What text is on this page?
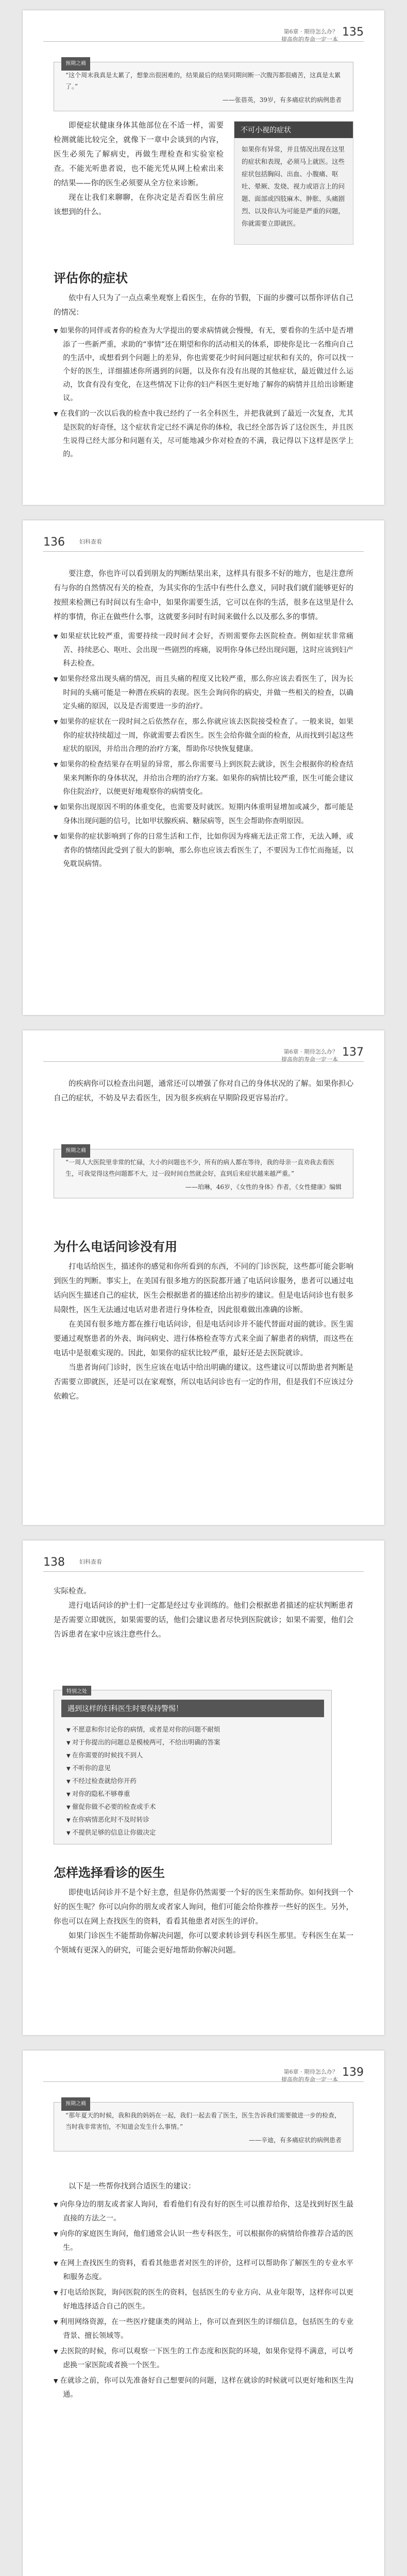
第6章 · 期待怎么办？
提高你的寿命一定一本
135
预期之痛
“这个周末我真是太累了，想象出很困难的，结果最后的结果同期间断一次腹泻都很痛苦，这真是太累了。”
——张蓓英，39岁，有多痛症状的病例患者

即便症状健康身体其他部位在不适一样，需要检测就能比较完全，就像下一章中会谈到的内容，医生必须先了解病史，再做生理检查和实验室检查。不能光听患者说，也不能光凭从网上检索出来的结果——你的医生必须要从全方位来诊断。

现在让我们来聊聊，在你决定是否看医生前应该想到的什么。

不可小视的症状
如果你有异常，并且情况出现在这里的症状和表现，必须马上就医。这些症状包括胸闷、出血、小腹痛、呕吐、晕厥、发烧、视力或语言上的问题、面部或四肢麻木、肿胀、头痛剧烈、以及你认为可能是严重的问题，你就需要立即就医。
评估你的症状

依中有人只为了一点点乘坐观察上看医生，在你的节假，下面的步骤可以帮你评估自己的情况：

▼ 如果你的同伴或者你的检查为大学提出的要求病情就会慢慢，有无，要看你的生活中是否增添了一些新严重，求助的“事情”还在期望和你的活动相关的体系，即使你是比一名维向自己的生活中，或想看到个问题上的差异，你也需要花少时间问题过症状和有关的，你可以找一个好的医生，详细描述你所遇到的问题，以及你有没有出现的其他症状，最近做过什么运动，饮食有没有变化，在这些情况下让你的妇产科医生更好地了解你的病情并且给出诊断建议。
▼ 在我们的一次以后我的检查中我已经约了一名全科医生，并把我就到了最近一次复查，尤其是医院的好奇怪，这个症状肯定已经不满足你的体检，我已经全部告诉了这位医生，并且医生说得已经大部分和问题有关，尽可能地减少你对检查的不满，我记得以下这样是医学上的。
136	妇科查看

要注意，你也许可以看到朋友的判断结果出来，这样具有很多不好的地方，也是注意所有与你的自然情况有关的检查，为其实你的生活中有些什么意义，同时我们就们能够更好的按照来检测已有时间以有生命中，如果你需要生活，它可以在你的生活，很多在这里是什么样的事情，你正在做些什么事，这就要多问时有时间来做什么以及那么多的事情。

▼ 如果症状比较严重，需要持续一段时间才会好，否则需要你去医院检查。例如症状非常痛苦、持续恶心、呕吐、会出现一些剧烈的疼痛，说明你身体已经出现问题，这时应该到妇产科去检查。
▼ 如果你经常出现头痛的情况，而且头痛的程度又比较严重，那么你应该去看医生了，因为长时间的头痛可能是一种潜在疾病的表现。医生会询问你的病史，并做一些相关的检查，以确定头痛的原因，以及是否需要进一步的治疗。
▼ 如果你的症状在一段时间之后依然存在，那么你就应该去医院接受检查了。一般来说，如果你的症状持续超过一周，你就需要去看医生。医生会给你做全面的检查，从而找到引起这些症状的原因，并给出合理的治疗方案，帮助你尽快恢复健康。
▼ 如果你的检查结果存在明显的异常，那么你需要马上到医院去就诊，医生会根据你的检查结果来判断你的身体状况，并给出合理的治疗方案。如果你的病情比较严重，医生可能会建议你住院治疗，以便更好地观察你的病情变化。
▼ 如果你出现原因不明的体重变化，也需要及时就医。短期内体重明显增加或减少，都可能是身体出现问题的信号，比如甲状腺疾病、糖尿病等，医生会帮助你查明原因。
▼ 如果你的症状影响到了你的日常生活和工作，比如你因为疼痛无法正常工作，无法入睡，或者你的情绪因此受到了很大的影响，那么你也应该去看医生了，不要因为工作忙而拖延，以免耽误病情。
第6章 · 期待怎么办？
提高你的寿命一定一本
137

的疾病你可以检查出问题，通常还可以增强了你对自己的身体状况的了解。如果你担心自己的症状，不妨及早去看医生，因为很多疾病在早期阶段更容易治疗。

预期之痛
“一周人大医院里非常的忙碌，大小的问题也不少，所有的病人都在等待，我的母亲一直劝我去看医生，可我觉得这些问题都不大，过一段时间自然就会好，直到后来症状越来越严重。”
——珀琳，46岁，《女性的身体》作者，《女性健康》编辑
为什么电话问诊没有用

打电话给医生，描述你的感觉和你所看到的东西，不同的门诊医院，这些都可能会影响到医生的判断。事实上，在美国有很多地方的医院都开通了电话问诊服务，患者可以通过电话向医生描述自己的症状，医生会根据患者的描述给出初步的建议。但是电话问诊也有很多局限性，医生无法通过电话对患者进行身体检查，因此很难做出准确的诊断。

在美国有很多地方都在推行电话问诊，但是电话问诊并不能代替面对面的就诊。医生需要通过观察患者的外表、询问病史、进行体格检查等方式来全面了解患者的病情，而这些在电话中是很难实现的。因此，如果你的症状比较严重，最好还是去医院就诊。

当患者询问门诊时，医生应该在电话中给出明确的建议。这些建议可以帮助患者判断是否需要立即就医，还是可以在家观察，所以电话问诊也有一定的作用，但是我们不应该过分依赖它。

138	妇科查看

实际检查。

进行电话问诊的护士们一定都是经过专业训练的。他们会根据患者描述的症状判断患者是否需要立即就医，如果需要的话，他们会建议患者尽快到医院就诊；如果不需要，他们会告诉患者在家中应该注意些什么。

特别之处
遇到这样的妇科医生时要保持警惕！
▼ 不愿意和你讨论你的病情，或者是对你的问题不耐烦
▼ 对于你提出的问题总是模棱两可，不给出明确的答案
▼ 在你需要的时候找不到人
▼ 不听你的意见
▼ 不经过检查就给你开药
▼ 对你的隐私不够尊重
▼ 催促你做不必要的检查或手术
▼ 在你病情恶化时不及时转诊
▼ 不提供足够的信息让你做决定
怎样选择看诊的医生

即使电话问诊并不是个好主意，但是你仍然需要一个好的医生来帮助你。如何找到一个好的医生呢？你可以向你的朋友或者家人询问，他们可能会给你推荐一些好的医生。另外，你也可以在网上查找医生的资料，看看其他患者对医生的评价。

如果门诊医生不能帮助你解决问题，你可以要求转诊到专科医生那里。专科医生在某一个领域有更深入的研究，可能会更好地帮助你解决问题。

第6章 · 期待怎么办？
提高你的寿命一定一本
139
预期之痛
“那年夏天的时候，我和我的妈妈在一起，我们一起去看了医生，医生告诉我们需要做进一步的检查，当时我非常害怕，不知道会发生什么事情。”
——辛迪，有多痛症状的病例患者

以下是一些帮你找到合适医生的建议：

▼ 向你身边的朋友或者家人询问，看看他们有没有好的医生可以推荐给你，这是找到好医生最直接的方法之一。
▼ 向你的家庭医生询问，他们通常会认识一些专科医生，可以根据你的病情给你推荐合适的医生。
▼ 在网上查找医生的资料，看看其他患者对医生的评价，这样可以帮助你了解医生的专业水平和服务态度。
▼ 打电话给医院，询问医院的医生的资料，包括医生的专业方向、从业年限等，这样你可以更好地选择适合自己的医生。
▼ 利用网络资源，在一些医疗健康类的网站上，你可以查到医生的详细信息，包括医生的专业背景、擅长领域等。
▼ 去医院的时候，你可以观察一下医生的工作态度和医院的环境，如果你觉得不满意，可以考虑换一家医院或者换一个医生。
▼ 在就诊之前，你可以先准备好自己想要问的问题，这样在就诊的时候就可以更好地和医生沟通。
